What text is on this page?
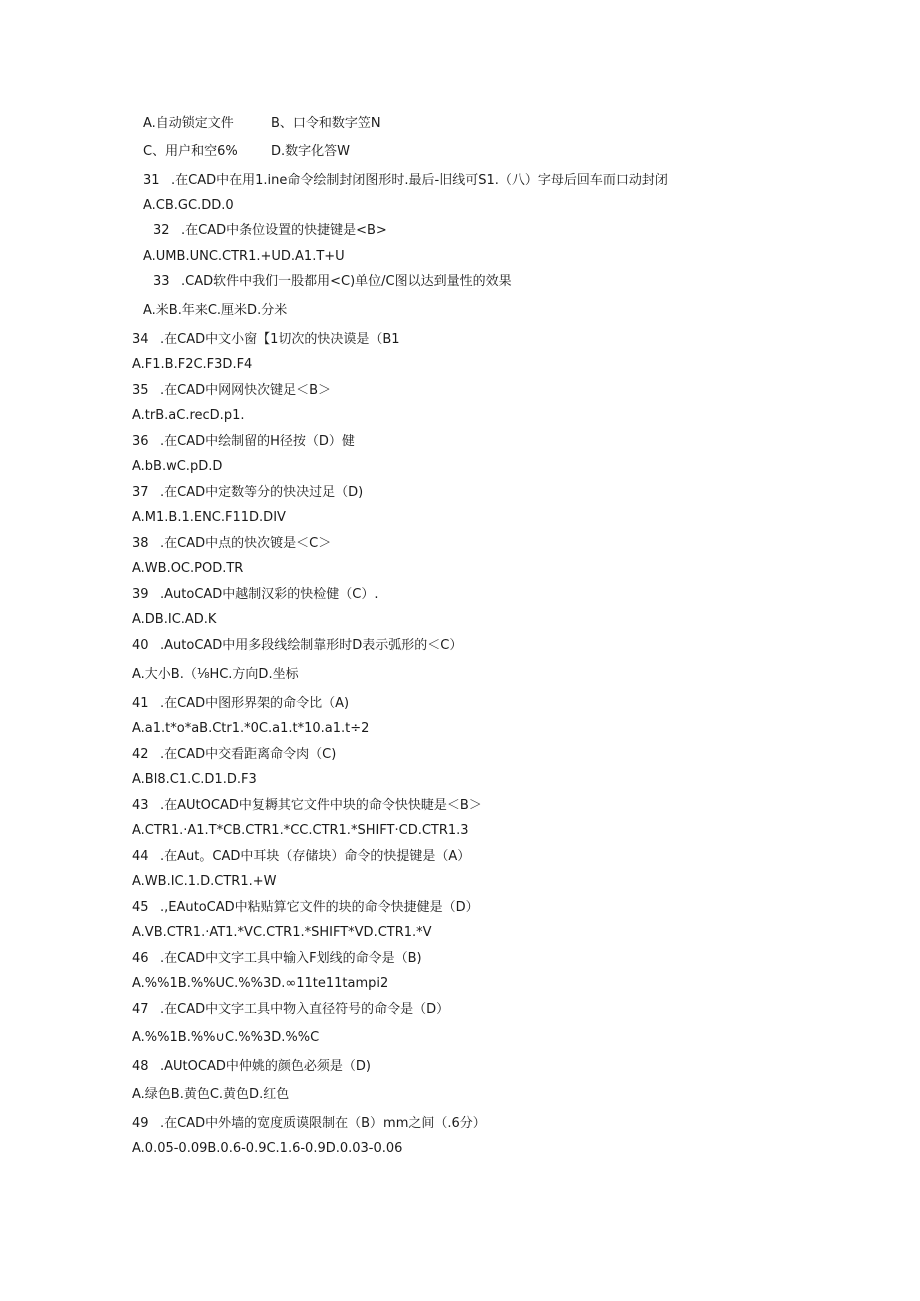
A.自动锁定文件	B、口令和数字笠N
C、用户和空6%	D.数字化答W
31 .在CAD中在用1.ine命令绘制封闭图形时.最后-旧线可S1.（八）字母后回车而口动封闭
A.CB.GC.DD.0
32 .在CAD中条位设置的快捷键是<B>
A.UMB.UNC.CTR1.+UD.A1.T+U
33 .CAD软件中我们一股都用<C)单位/C图以达到量性的效果
A.米B.年来C.厘米D.分米
34 .在CAD中文小窗【1切次的快决谟是（B1
A.F1.B.F2C.F3D.F4
35 .在CAD中网网快次键足＜B＞
A.trB.aC.recD.p1.
36 .在CAD中绘制留的H径按（D）健
A.bB.wC.pD.D
37 .在CAD中定数等分的快决过足（D)
A.M1.B.1.ENC.F11D.DIV
38 .在CAD中点的快次镀是＜C＞
A.WB.OC.POD.TR
39 .AutoCAD中越制汉彩的快检健（C）.
A.DB.IC.AD.K
40 .AutoCAD中用多段线绘制靠形时D表示弧形的＜C）
A.大小B.（⅛HC.方向D.坐标
41 .在CAD中图形界架的命令比（A)
A.a1.t*o*aB.Ctr1.*0C.a1.t*10.a1.t÷2
42 .在CAD中交看距离命令肉（C)
A.Bl8.C1.C.D1.D.F3
43 .在AUtOCAD中复耨其它文件中块的命令快快睫是＜B＞
A.CTR1.·A1.T*CB.CTR1.*CC.CTR1.*SHIFT·CD.CTR1.3
44 .在Aut。CAD中耳块（存储块）命令的快提键是（A）
A.WB.IC.1.D.CTR1.+W
45 .,EAutoCAD中粘贴算它文件的块的命令快捷健是（D）
A.VB.CTR1.·AT1.*VC.CTR1.*SHIFT*VD.CTR1.*V
46 .在CAD中文字工具中输入F划线的命令是（B)
A.%%1B.%%UC.%%3D.∞11te11tampi2
47 .在CAD中文字工具中物入直径符号的命令是（D）
A.%%1B.%%∪C.%%3D.%%C
48 .AUtOCAD中仲姚的颜色必须是（D)
A.绿色B.黄色C.黄色D.红色
49 .在CAD中外墙的宽度质谟限制在（B）mm之间（.6分）
A.0.05-0.09B.0.6-0.9C.1.6-0.9D.0.03-0.06
